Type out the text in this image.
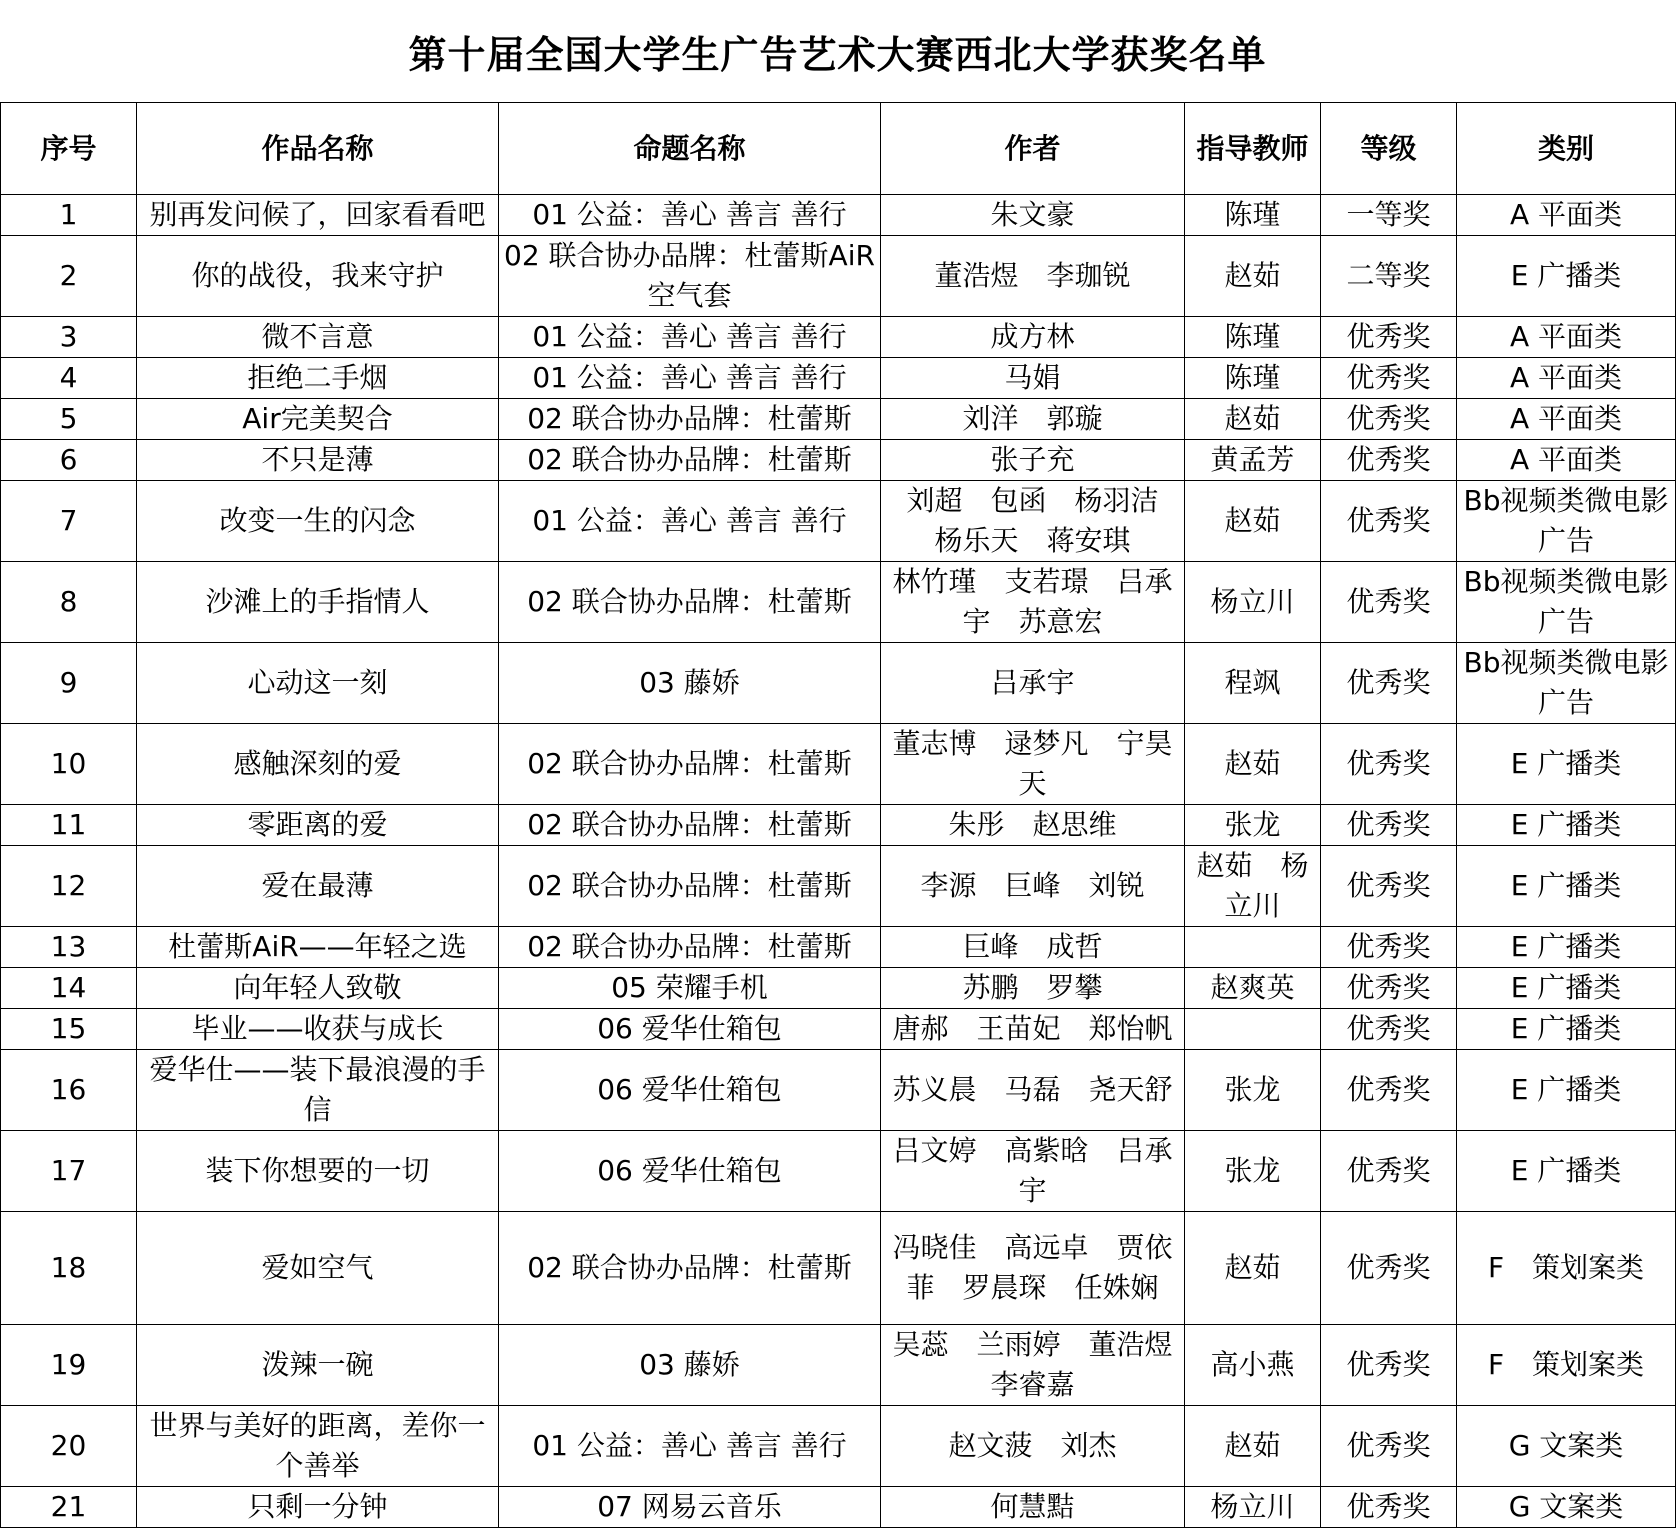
第十届全国大学生广告艺术大赛西北大学获奖名单
序号	作品名称	命题名称	作者	指导教师	等级	类别
1	别再发问候了，回家看看吧	01 公益：善心 善言 善行	朱文豪	陈瑾	一等奖	A 平面类
2	你的战役，我来守护	02 联合协办品牌：杜蕾斯AiR空气套	董浩煜　李珈锐	赵茹	二等奖	E 广播类
3	微不言意	01 公益：善心 善言 善行	成方林	陈瑾	优秀奖	A 平面类
4	拒绝二手烟	01 公益：善心 善言 善行	马娟	陈瑾	优秀奖	A 平面类
5	Air完美契合	02 联合协办品牌：杜蕾斯	刘洋　郭璇	赵茹	优秀奖	A 平面类
6	不只是薄	02 联合协办品牌：杜蕾斯	张子充	黄孟芳	优秀奖	A 平面类
7	改变一生的闪念	01 公益：善心 善言 善行	刘超　包函　杨羽洁　杨乐天　蒋安琪	赵茹	优秀奖	Bb视频类微电影广告
8	沙滩上的手指情人	02 联合协办品牌：杜蕾斯	林竹瑾　支若璟　吕承宇　苏意宏	杨立川	优秀奖	Bb视频类微电影广告
9	心动这一刻	03 藤娇	吕承宇	程飒	优秀奖	Bb视频类微电影广告
10	感触深刻的爱	02 联合协办品牌：杜蕾斯	董志博　逯梦凡　宁昊天	赵茹	优秀奖	E 广播类
11	零距离的爱	02 联合协办品牌：杜蕾斯	朱彤　赵思维	张龙	优秀奖	E 广播类
12	爱在最薄	02 联合协办品牌：杜蕾斯	李源　巨峰　刘锐	赵茹　杨立川	优秀奖	E 广播类
13	杜蕾斯AiR——年轻之选	02 联合协办品牌：杜蕾斯	巨峰　成哲		优秀奖	E 广播类
14	向年轻人致敬	05 荣耀手机	苏鹏　罗攀	赵爽英	优秀奖	E 广播类
15	毕业——收获与成长	06 爱华仕箱包	唐郝　王苗妃　郑怡帆		优秀奖	E 广播类
16	爱华仕——装下最浪漫的手信	06 爱华仕箱包	苏义晨　马磊　尧天舒	张龙	优秀奖	E 广播类
17	装下你想要的一切	06 爱华仕箱包	吕文婷　高紫晗　吕承宇	张龙	优秀奖	E 广播类
18	爱如空气	02 联合协办品牌：杜蕾斯	冯晓佳　高远卓　贾依菲　罗晨琛　任姝娴	赵茹	优秀奖	F　策划案类
19	泼辣一碗	03 藤娇	吴蕊　兰雨婷　董浩煜　李睿嘉	高小燕	优秀奖	F　策划案类
20	世界与美好的距离，差你一个善举	01 公益：善心 善言 善行	赵文菠　刘杰	赵茹	优秀奖	G 文案类
21	只剩一分钟	07 网易云音乐	何慧黠	杨立川	优秀奖	G 文案类
